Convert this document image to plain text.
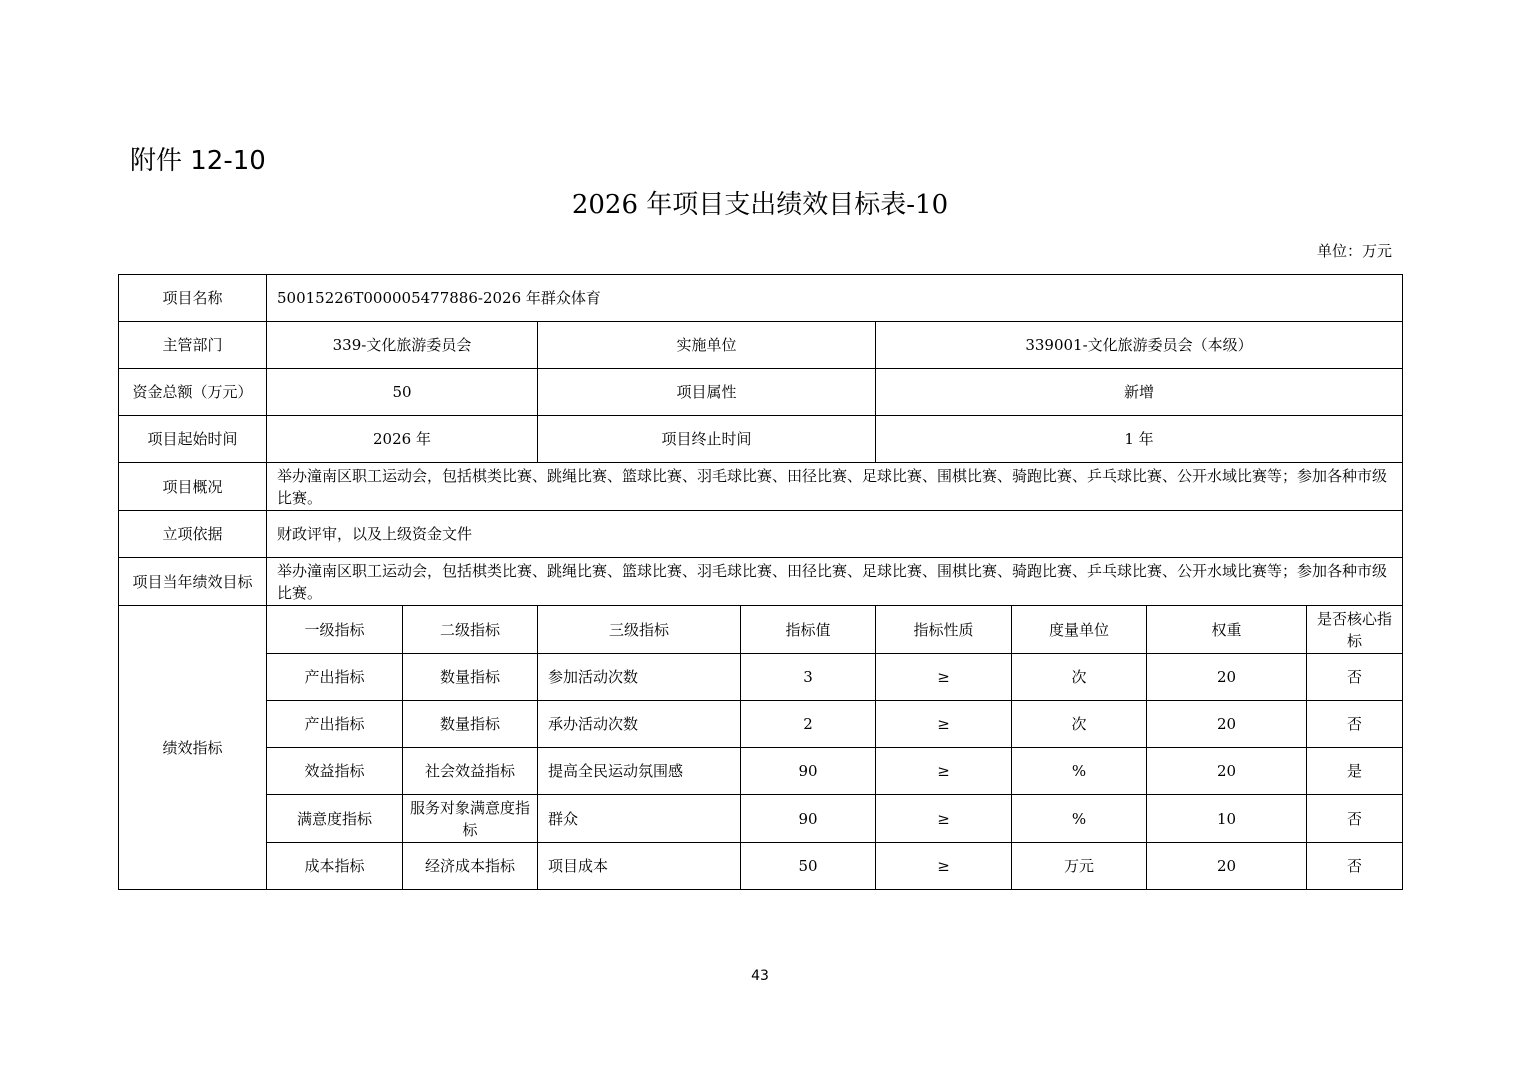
附件 12-10
2026 年项目支出绩效目标表-10
单位：万元
项目名称	50015226T000005477886-2026 年群众体育							
主管部门	339-文化旅游委员会		实施单位		339001-文化旅游委员会（本级）			
资金总额（万元）	50		项目属性		新增			
项目起始时间	2026 年		项目终止时间		1 年			
项目概况	举办潼南区职工运动会，包括棋类比赛、跳绳比赛、篮球比赛、羽毛球比赛、田径比赛、足球比赛、围棋比赛、骑跑比赛、乒乓球比赛、公开水域比赛等；参加各种市级比赛。							
立项依据	财政评审，以及上级资金文件							
项目当年绩效目标	举办潼南区职工运动会，包括棋类比赛、跳绳比赛、篮球比赛、羽毛球比赛、田径比赛、足球比赛、围棋比赛、骑跑比赛、乒乓球比赛、公开水域比赛等；参加各种市级比赛。							
绩效指标	一级指标	二级指标	三级指标	指标值	指标性质	度量单位	权重	是否核心指标
	产出指标	数量指标	参加活动次数	3	≥	次	20	否
	产出指标	数量指标	承办活动次数	2	≥	次	20	否
	效益指标	社会效益指标	提高全民运动氛围感	90	≥	%	20	是
	满意度指标	服务对象满意度指标	群众	90	≥	%	10	否
	成本指标	经济成本指标	项目成本	50	≥	万元	20	否
43
